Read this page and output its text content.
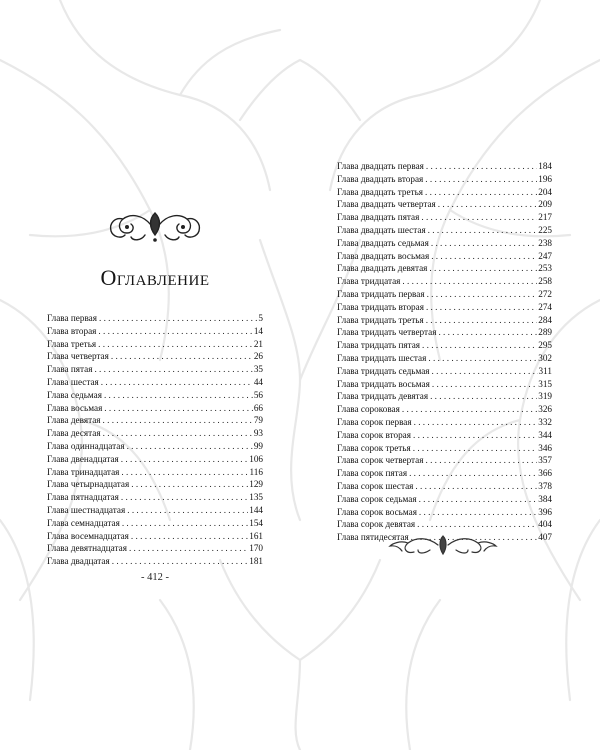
Оглавление
Глава первая . . .	5
Глава вторая . . .	14
Глава третья . . .	21
Глава четвертая . . .	26
Глава пятая . . .	35
Глава шестая . . .	44
Глава седьмая . . .	56
Глава восьмая . . .	66
Глава девятая . . .	79
Глава десятая . . .	93
Глава одиннадцатая . . .	99
Глава двенадцатая . . .	106
Глава тринадцатая . . .	116
Глава четырнадцатая . . .	129
Глава пятнадцатая . . .	135
Глава шестнадцатая . . .	144
Глава семнадцатая . . .	154
Глава восемнадцатая . . .	161
Глава девятнадцатая . . .	170
Глава двадцатая . . .	181
Глава двадцать первая . . .	184
Глава двадцать вторая . . .	196
Глава двадцать третья . . .	204
Глава двадцать четвертая . . .	209
Глава двадцать пятая . . .	217
Глава двадцать шестая . . .	225
Глава двадцать седьмая . . .	238
Глава двадцать восьмая . . .	247
Глава двадцать девятая . . .	253
Глава тридцатая . . .	258
Глава тридцать первая . . .	272
Глава тридцать вторая . . .	274
Глава тридцать третья . . .	284
Глава тридцать четвертая . . .	289
Глава тридцать пятая . . .	295
Глава тридцать шестая . . .	302
Глава тридцать седьмая . . .	311
Глава тридцать восьмая . . .	315
Глава тридцать девятая . . .	319
Глава сороковая . . .	326
Глава сорок первая . . .	332
Глава сорок вторая . . .	344
Глава сорок третья . . .	346
Глава сорок четвертая . . .	357
Глава сорок пятая . . .	366
Глава сорок шестая . . .	378
Глава сорок седьмая . . .	384
Глава сорок восьмая . . .	396
Глава сорок девятая . . .	404
Глава пятидесятая . . .	407

- 412 -
